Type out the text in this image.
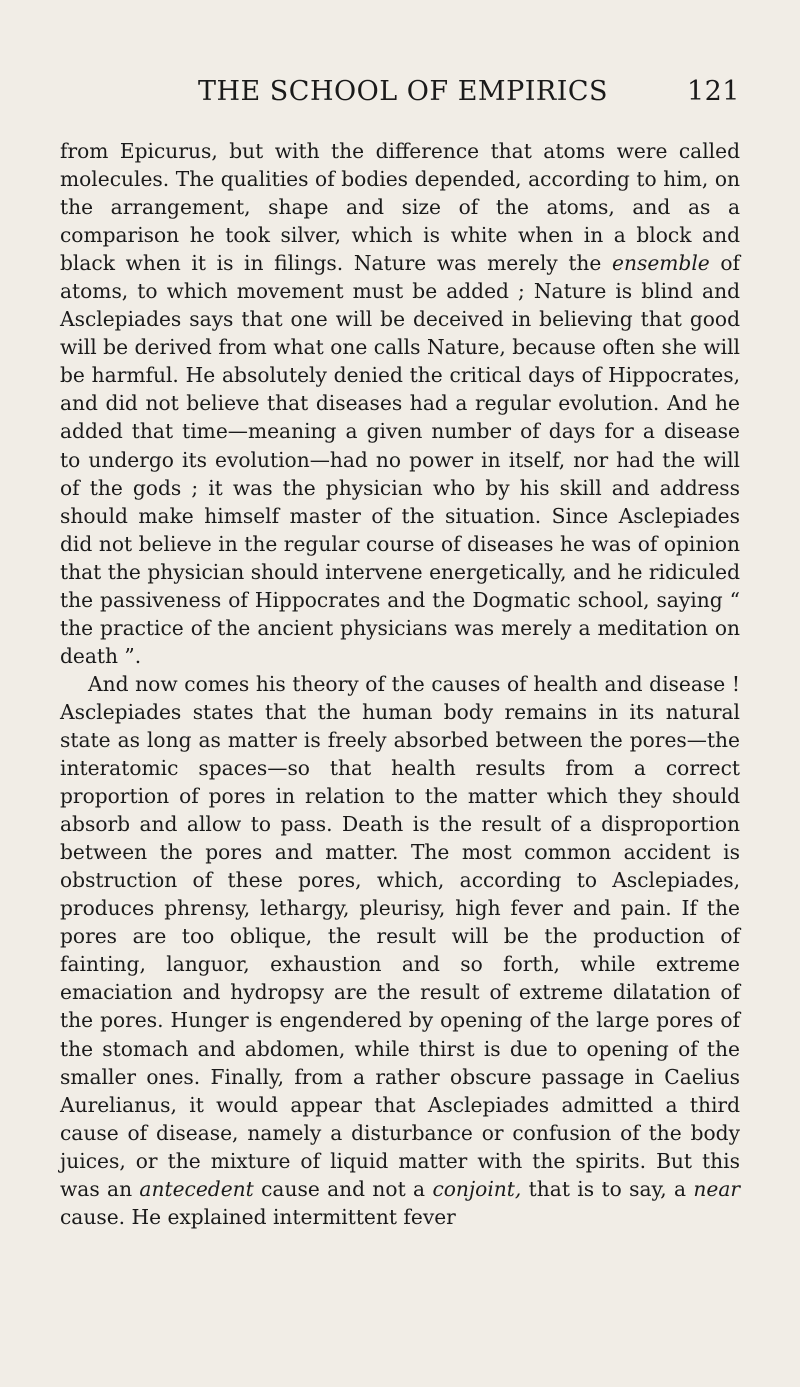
THE SCHOOL OF EMPIRICS	121

from Epicurus, but with the difference that atoms were called molecules. The qualities of bodies depended, according to him, on the arrangement, shape and size of the atoms, and as a comparison he took silver, which is white when in a block and black when it is in filings. Nature was merely the ensemble of atoms, to which movement must be added ; Nature is blind and Asclepiades says that one will be deceived in believing that good will be derived from what one calls Nature, because often she will be harmful. He absolutely denied the critical days of Hippocrates, and did not believe that diseases had a regular evolution. And he added that time—meaning a given number of days for a disease to undergo its evolution—had no power in itself, nor had the will of the gods ; it was the physician who by his skill and address should make himself master of the situation. Since Asclepiades did not believe in the regular course of diseases he was of opinion that the physician should intervene energetically, and he ridiculed the passiveness of Hippocrates and the Dogmatic school, saying “ the practice of the ancient physicians was merely a meditation on death ”.

And now comes his theory of the causes of health and disease ! Asclepiades states that the human body remains in its natural state as long as matter is freely absorbed between the pores—the interatomic spaces—so that health results from a correct proportion of pores in relation to the matter which they should absorb and allow to pass. Death is the result of a disproportion between the pores and matter. The most common accident is obstruction of these pores, which, according to Asclepiades, produces phrensy, lethargy, pleurisy, high fever and pain. If the pores are too oblique, the result will be the production of fainting, languor, exhaustion and so forth, while extreme emaciation and hydropsy are the result of extreme dilatation of the pores. Hunger is engendered by opening of the large pores of the stomach and abdomen, while thirst is due to opening of the smaller ones. Finally, from a rather obscure passage in Caelius Aurelianus, it would appear that Asclepiades admitted a third cause of disease, namely a disturbance or confusion of the body juices, or the mixture of liquid matter with the spirits. But this was an antecedent cause and not a conjoint, that is to say, a near cause. He explained intermittent fever
